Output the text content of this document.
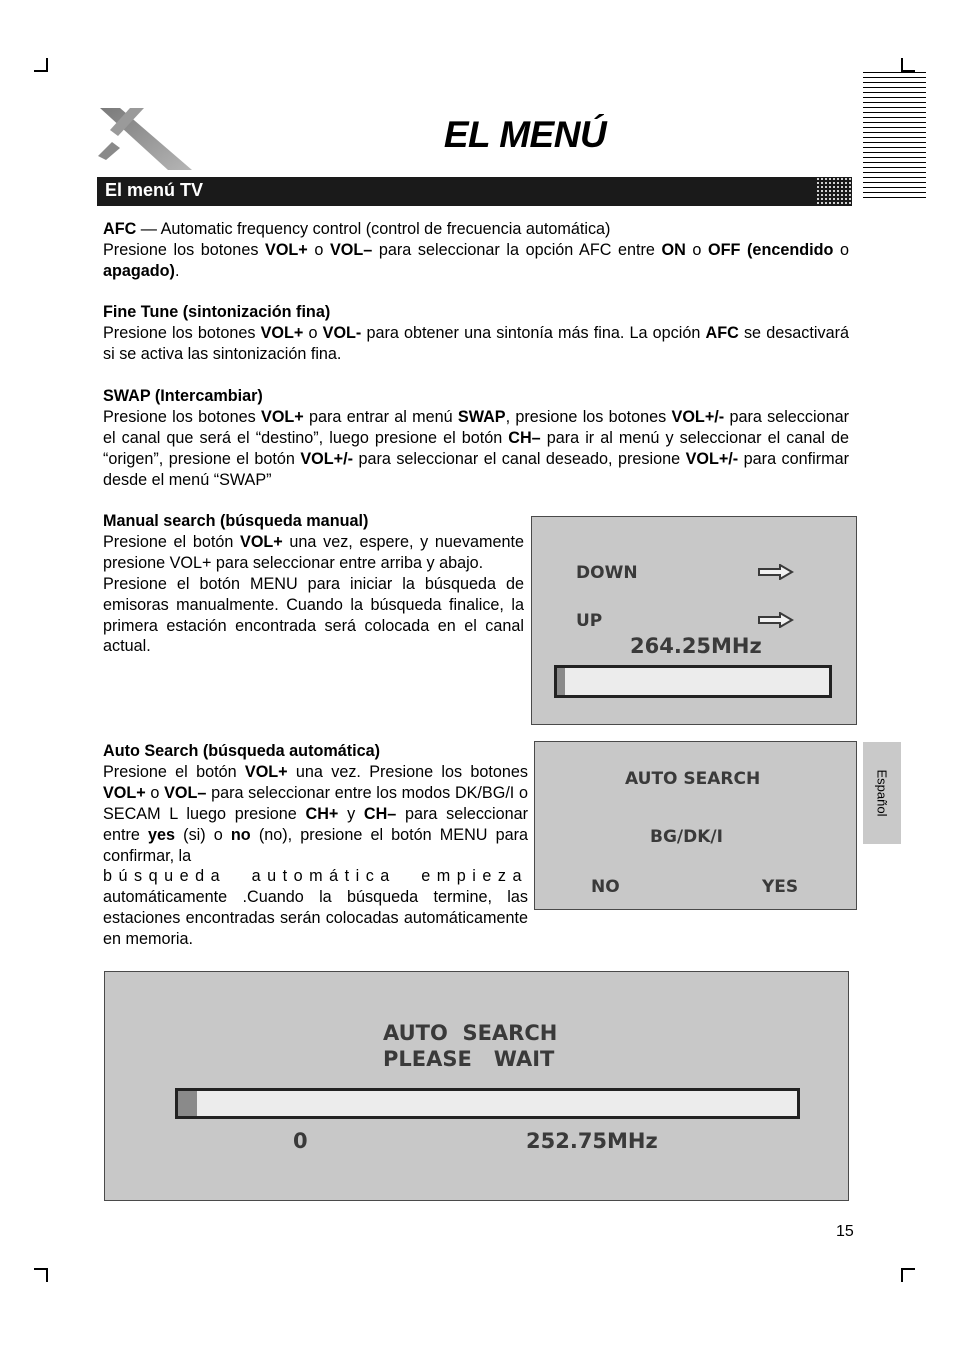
EL MENÚ
El menú TV
AFC — Automatic frequency control (control de frecuencia automática)
Presione los botones VOL+ o VOL– para seleccionar la opción AFC entre ON o OFF (encendido o apagado).
Fine Tune (sintonización fina)
Presione los botones VOL+ o VOL- para obtener una sintonía más fina. La opción AFC se desactivará si se activa las sintonización fina.
SWAP (Intercambiar)
Presione los botones VOL+ para entrar al menú SWAP, presione los botones VOL+/- para seleccionar el canal que será el “destino”, luego presione el botón CH– para ir al menú y seleccionar el canal de “origen”, presione el botón VOL+/- para seleccionar el canal deseado, presione VOL+/- para confirmar desde el menú “SWAP”
Manual search (búsqueda manual)
Presione el botón VOL+ una vez, espere, y nuevamente presione VOL+ para seleccionar entre arriba y abajo.
Presione el botón MENU para iniciar la búsqueda de emisoras manualmente. Cuando la búsqueda finalice, la primera estación encontrada será colocada en el canal actual.
DOWN
UP
264.25MHz
Auto Search (búsqueda automática)
Presione el botón VOL+ una vez. Presione los botones VOL+ o VOL– para seleccionar entre los modos DK/BG/I o SECAM L luego presione CH+ y CH– para seleccionar entre yes (si) o no (no), presione el botón MENU para confirmar, la
búsqueda automática empieza
automáticamente .Cuando la búsqueda termine, las estaciones encontradas serán colocadas automáticamente en memoria.
AUTO SEARCH
BG/DK/I
NO	YES
Español
AUTO  SEARCH
PLEASE   WAIT
0	252.75MHz
15
